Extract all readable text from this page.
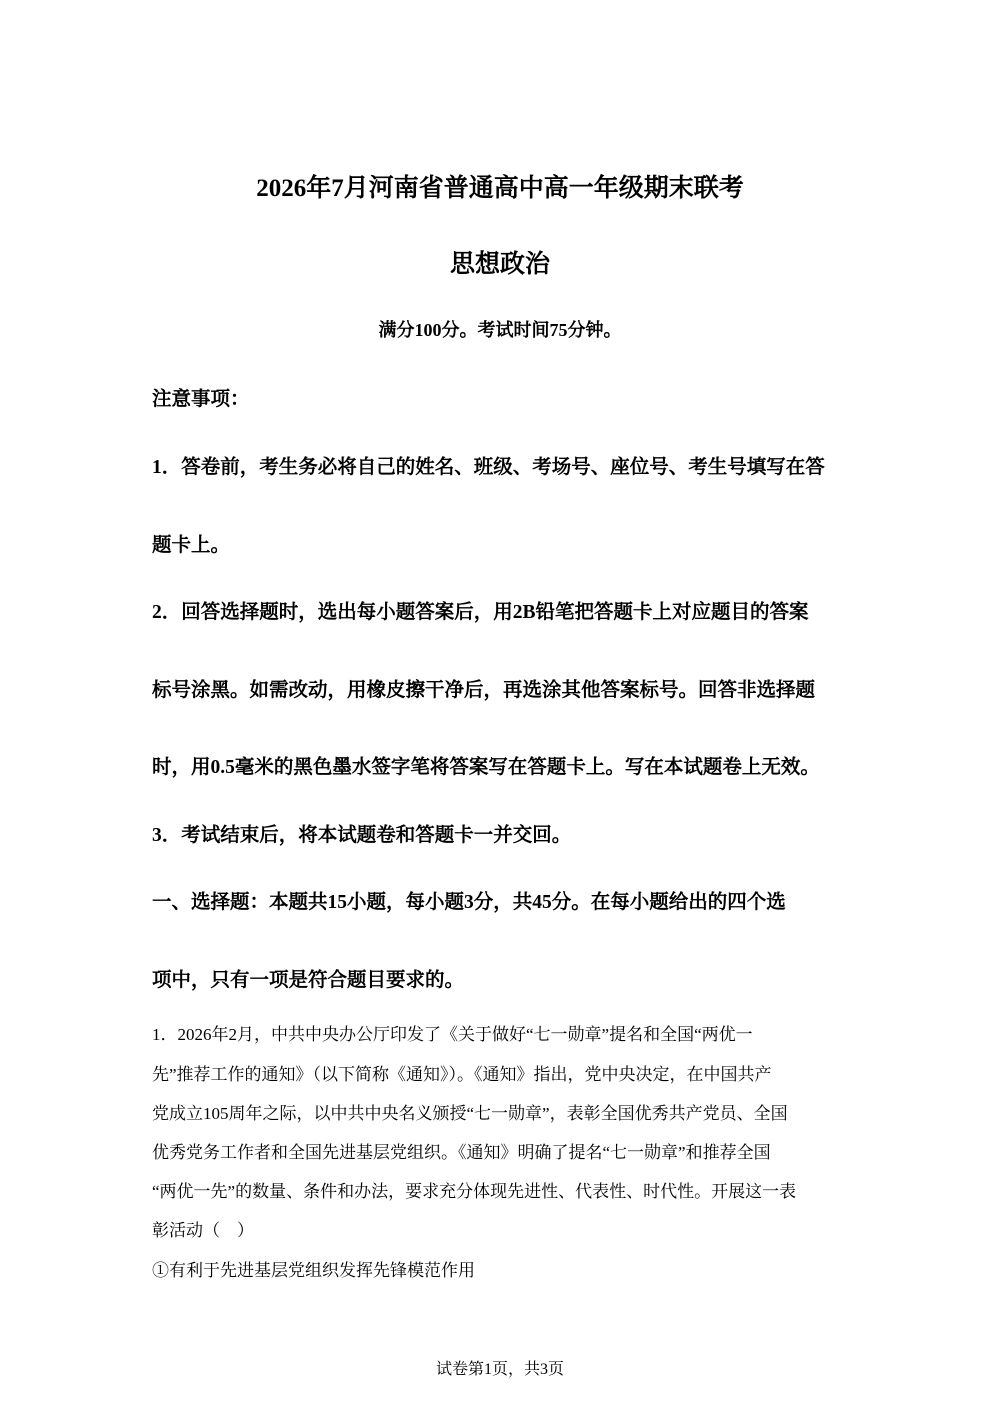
2026年7月河南省普通高中高一年级期末联考
思想政治
满分100分。考试时间75分钟。
注意事项：
1．答卷前，考生务必将自己的姓名、班级、考场号、座位号、考生号填写在答
题卡上。
2．回答选择题时，选出每小题答案后，用2B铅笔把答题卡上对应题目的答案
标号涂黑。如需改动，用橡皮擦干净后，再选涂其他答案标号。回答非选择题
时，用0.5毫米的黑色墨水签字笔将答案写在答题卡上。写在本试题卷上无效。
3．考试结束后，将本试题卷和答题卡一并交回。
一、选择题：本题共15小题，每小题3分，共45分。在每小题给出的四个选
项中，只有一项是符合题目要求的。
1．2026年2月，中共中央办公厅印发了《关于做好“七一勋章”提名和全国“两优一
先”推荐工作的通知》（以下简称《通知》）。《通知》指出，党中央决定，在中国共产
党成立105周年之际，以中共中央名义颁授“七一勋章”，表彰全国优秀共产党员、全国
优秀党务工作者和全国先进基层党组织。《通知》明确了提名“七一勋章”和推荐全国
“两优一先”的数量、条件和办法，要求充分体现先进性、代表性、时代性。开展这一表
彰活动（　）
①有利于先进基层党组织发挥先锋模范作用
试卷第1页，共3页
